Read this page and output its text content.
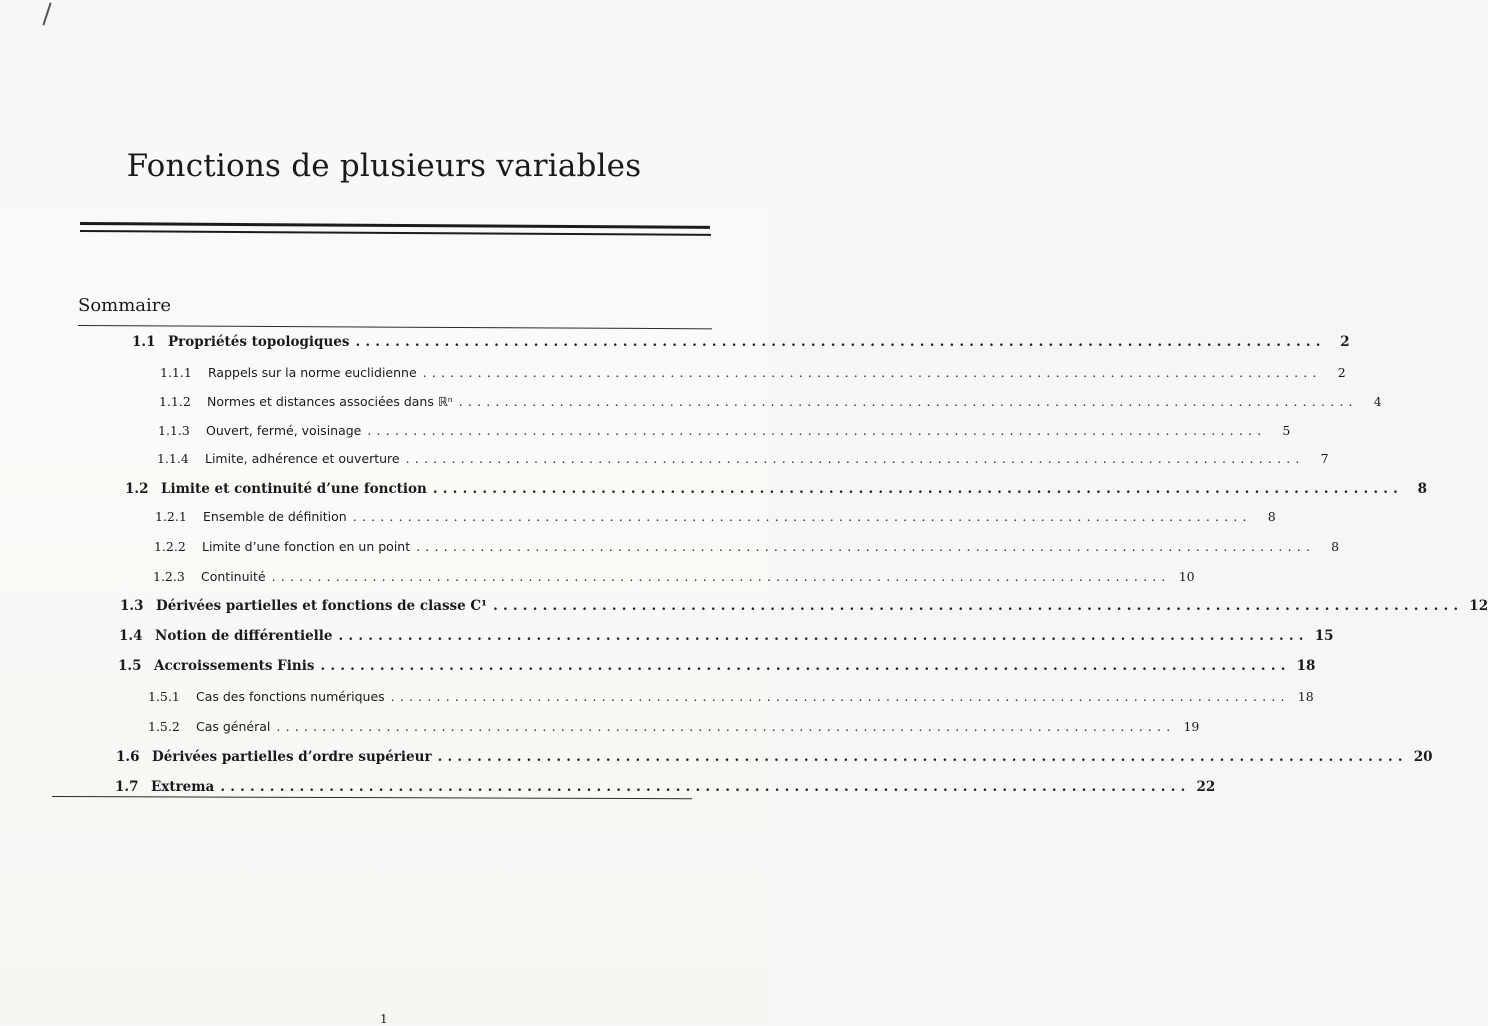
Fonctions de plusieurs variables
Sommaire
1.1 Propriétés topologiques ..................................................................................................	2
1.1.1	Rappels sur la norme euclidienne ..................................................................................................	2
1.1.2	Normes et distances associées dans ℝⁿ ..................................................................................................	4
1.1.3	Ouvert, fermé, voisinage ..................................................................................................	5
1.1.4	Limite, adhérence et ouverture ..................................................................................................	7
1.2 Limite et continuité d’une fonction ..................................................................................................	8
1.2.1	Ensemble de définition ..................................................................................................	8
1.2.2	Limite d’une fonction en un point ..................................................................................................	8
1.2.3	Continuité .................................................................................................. 10
1.3 Dérivées partielles et fonctions de classe C¹ .................................................................................................. 12
1.4 Notion de différentielle .................................................................................................. 15
1.5 Accroissements Finis .................................................................................................. 18
1.5.1	Cas des fonctions numériques .................................................................................................. 18
1.5.2	Cas général .................................................................................................. 19
1.6 Dérivées partielles d’ordre supérieur .................................................................................................. 20
1.7 Extrema .................................................................................................. 22
1
